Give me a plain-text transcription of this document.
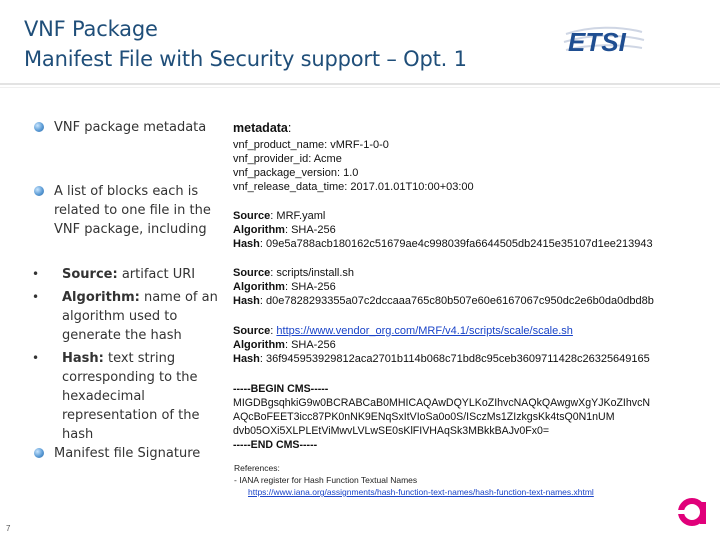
VNF Package
Manifest File with Security support – Opt. 1
ETSI
VNF package metadata
A list of blocks each is related to one file in the VNF package, including
• Source: artifact URI
• Algorithm: name of an algorithm used to generate the hash
• Hash: text string corresponding to the hexadecimal representation of the hash
Manifest file Signature
metadata:
vnf_product_name: vMRF-1-0-0
vnf_provider_id: Acme
vnf_package_version: 1.0
vnf_release_data_time: 2017.01.01T10:00+03:00
Source: MRF.yaml
Algorithm: SHA-256
Hash: 09e5a788acb180162c51679ae4c998039fa6644505db2415e35107d1ee213943
Source: scripts/install.sh
Algorithm: SHA-256
Hash: d0e7828293355a07c2dccaaa765c80b507e60e6167067c950dc2e6b0da0dbd8b
Source: https://www.vendor_org.com/MRF/v4.1/scripts/scale/scale.sh
Algorithm: SHA-256
Hash: 36f945953929812aca2701b114b068c71bd8c95ceb3609711428c26325649165
-----BEGIN CMS-----
MIGDBgsqhkiG9w0BCRABCaB0MHICAQAwDQYLKoZIhvcNAQkQAwgwXgYJKoZIhvcN
AQcBoFEET3icc87PK0nNK9ENqSxItVIoSa0o0S/ISczMs1ZIzkgsKk4tsQ0N1nUM
dvb05OXi5XLPLEtViMwvLVLwSE0sKlFIVHAqSk3MBkkBAJv0Fx0=
-----END CMS-----
References:
- IANA register for Hash Function Textual Names
https://www.iana.org/assignments/hash-function-text-names/hash-function-text-names.xhtml
7
